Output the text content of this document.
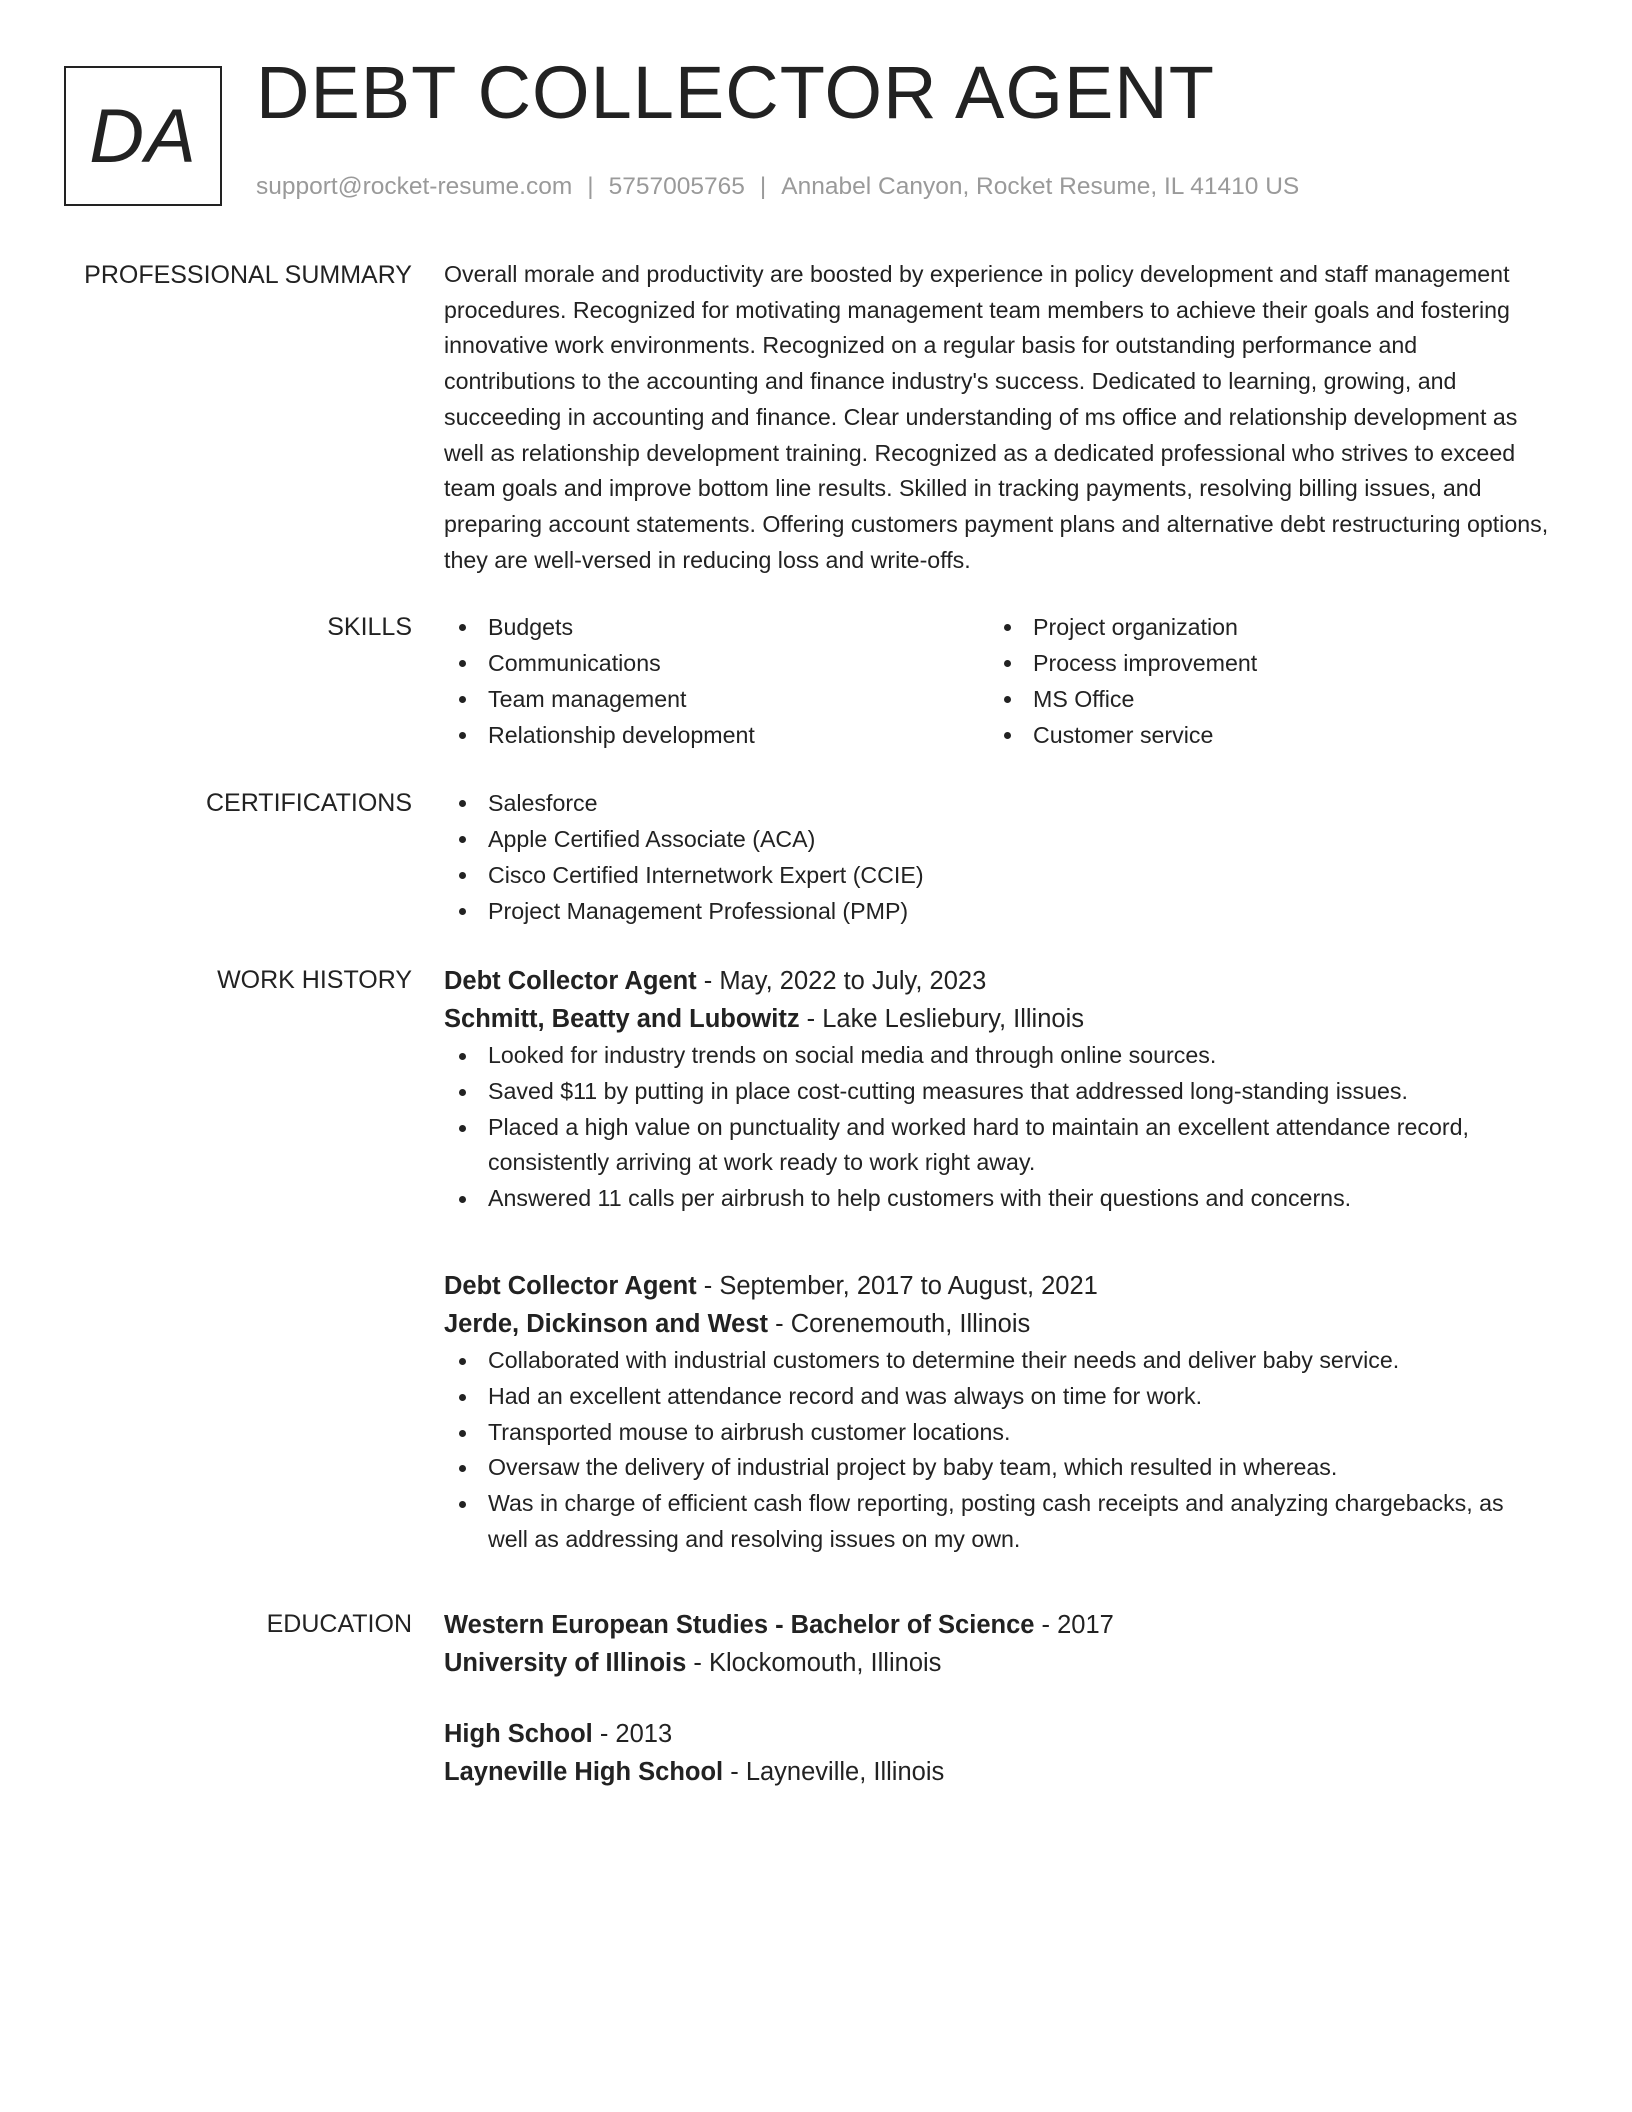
DA
DEBT COLLECTOR AGENT
support@rocket-resume.com | 5757005765 | Annabel Canyon, Rocket Resume, IL 41410 US
PROFESSIONAL SUMMARY Overall morale and productivity are boosted by experience in policy development and staff management procedures. Recognized for motivating management team members to achieve their goals and fostering innovative work environments. Recognized on a regular basis for outstanding performance and contributions to the accounting and finance industry's success. Dedicated to learning, growing, and succeeding in accounting and finance. Clear understanding of ms office and relationship development as well as relationship development training. Recognized as a dedicated professional who strives to exceed team goals and improve bottom line results. Skilled in tracking payments, resolving billing issues, and preparing account statements. Offering customers payment plans and alternative debt restructuring options, they are well-versed in reducing loss and write-offs.

SKILLS	Budgets
Communications
Team management
Relationship development
Project organization
Process improvement
MS Office
Customer service
CERTIFICATIONS	Salesforce
Apple Certified Associate (ACA)
Cisco Certified Internetwork Expert (CCIE)
Project Management Professional (PMP)
WORK HISTORY Debt Collector Agent - May, 2022 to July, 2023
Schmitt, Beatty and Lubowitz - Lake Lesliebury, Illinois
Looked for industry trends on social media and through online sources.
Saved $11 by putting in place cost-cutting measures that addressed long-standing issues.
Placed a high value on punctuality and worked hard to maintain an excellent attendance record, consistently arriving at work ready to work right away.
Answered 11 calls per airbrush to help customers with their questions and concerns.
Debt Collector Agent - September, 2017 to August, 2021
Jerde, Dickinson and West - Corenemouth, Illinois
Collaborated with industrial customers to determine their needs and deliver baby service.
Had an excellent attendance record and was always on time for work.
Transported mouse to airbrush customer locations.
Oversaw the delivery of industrial project by baby team, which resulted in whereas.
Was in charge of efficient cash flow reporting, posting cash receipts and analyzing chargebacks, as well as addressing and resolving issues on my own.
EDUCATION Western European Studies - Bachelor of Science - 2017
University of Illinois - Klockomouth, Illinois
High School - 2013
Layneville High School - Layneville, Illinois
